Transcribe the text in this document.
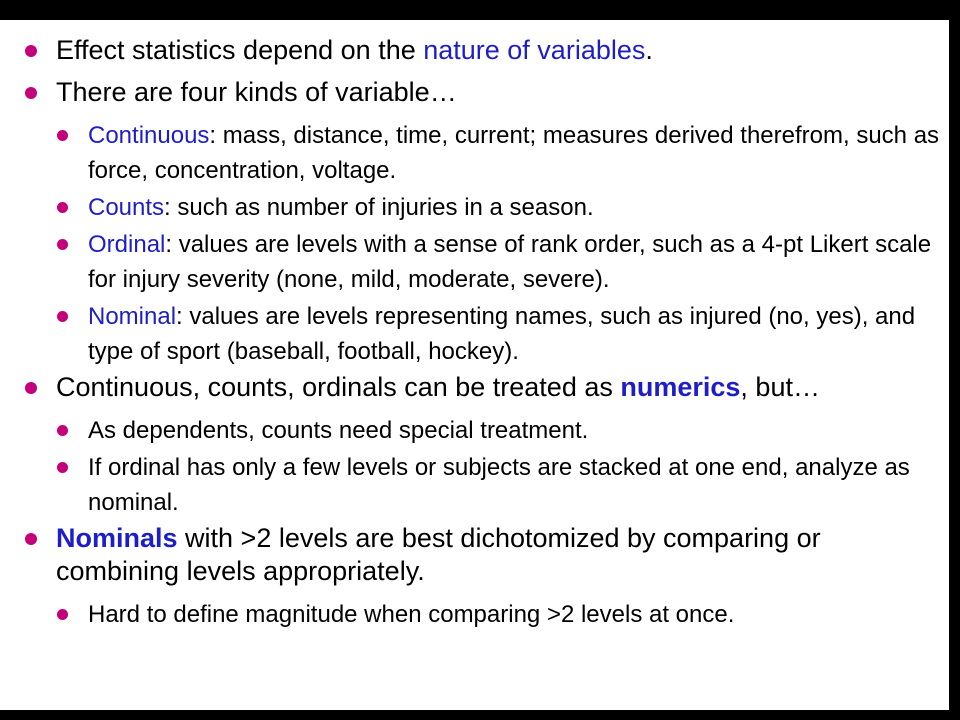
Effect statistics depend on the nature of variables.
There are four kinds of variable…
Continuous: mass, distance, time, current; measures derived therefrom, such as force, concentration, voltage.
Counts: such as number of injuries in a season.
Ordinal: values are levels with a sense of rank order, such as a 4-pt Likert scale for injury severity (none, mild, moderate, severe).
Nominal: values are levels representing names, such as injured (no, yes), and type of sport (baseball, football, hockey).
Continuous, counts, ordinals can be treated as numerics, but…
As dependents, counts need special treatment.
If ordinal has only a few levels or subjects are stacked at one end, analyze as nominal.
Nominals with >2 levels are best dichotomized by comparing or combining levels appropriately.
Hard to define magnitude when comparing >2 levels at once.
